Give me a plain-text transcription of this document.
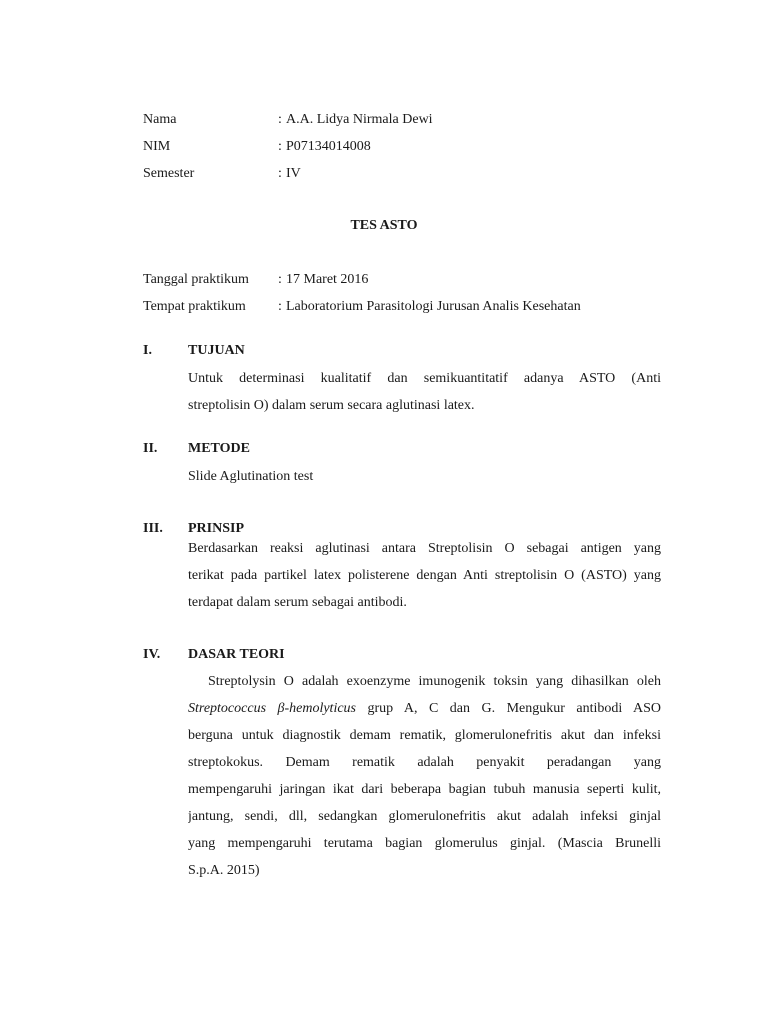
Nama	: A.A. Lidya Nirmala Dewi
NIM	: P07134014008
Semester	: IV
TES ASTO
Tanggal praktikum : 17 Maret 2016
Tempat praktikum : Laboratorium Parasitologi Jurusan Analis Kesehatan
I.	TUJUAN
Untuk determinasi kualitatif dan semikuantitatif adanya ASTO (Anti
streptolisin O) dalam serum secara aglutinasi latex.
II. METODE
Slide Aglutination test
III. PRINSIP
Berdasarkan reaksi aglutinasi antara Streptolisin O sebagai antigen yang
terikat pada partikel latex polisterene dengan Anti streptolisin O (ASTO) yang
terdapat dalam serum sebagai antibodi.
IV. DASAR TEORI
Streptolysin O adalah exoenzyme imunogenik toksin yang dihasilkan oleh
Streptococcus β-hemolyticus grup A, C dan G. Mengukur antibodi ASO
berguna untuk diagnostik demam rematik, glomerulonefritis akut dan infeksi
streptokokus. Demam rematik adalah penyakit peradangan yang
mempengaruhi jaringan ikat dari beberapa bagian tubuh manusia seperti kulit,
jantung, sendi, dll, sedangkan glomerulonefritis akut adalah infeksi ginjal
yang mempengaruhi terutama bagian glomerulus ginjal. (Mascia Brunelli
S.p.A. 2015)
